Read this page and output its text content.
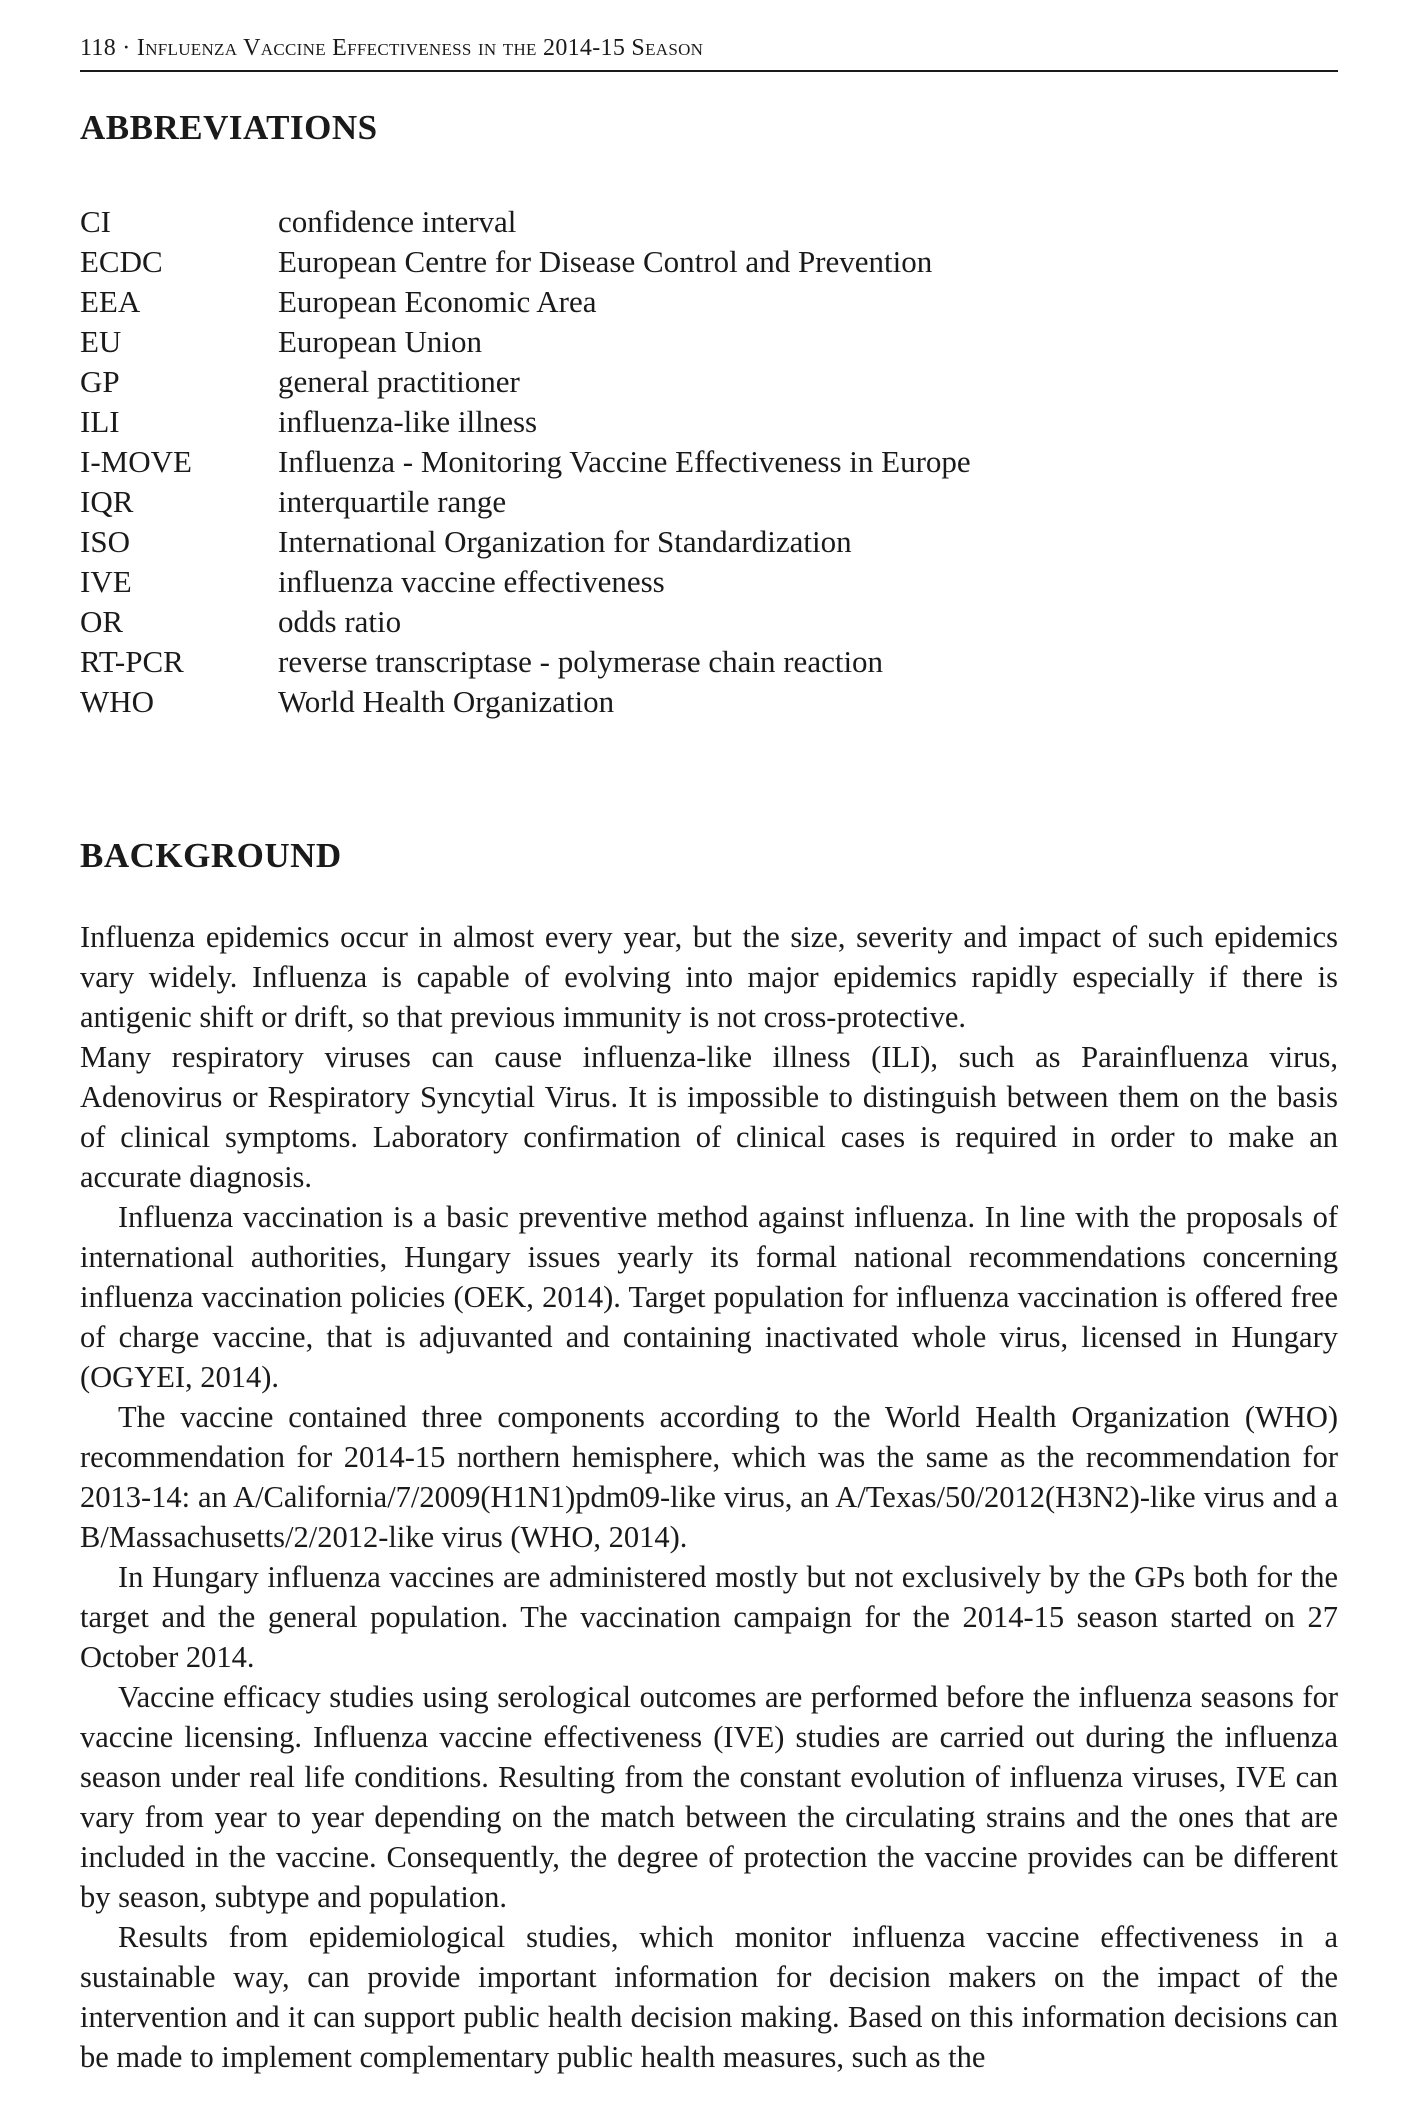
118 · Influenza Vaccine Effectiveness in the 2014-15 Season
ABBREVIATIONS
CI	confidence interval
ECDC	European Centre for Disease Control and Prevention
EEA	European Economic Area
EU	European Union
GP	general practitioner
ILI	influenza-like illness
I-MOVE	Influenza - Monitoring Vaccine Effectiveness in Europe
IQR	interquartile range
ISO	International Organization for Standardization
IVE	influenza vaccine effectiveness
OR	odds ratio
RT-PCR	reverse transcriptase - polymerase chain reaction
WHO	World Health Organization
BACKGROUND

Influenza epidemics occur in almost every year, but the size, severity and impact of such epidemics vary widely. Influenza is capable of evolving into major epidemics rapidly especially if there is antigenic shift or drift, so that previous immunity is not cross-protective.

Many respiratory viruses can cause influenza-like illness (ILI), such as Parainfluenza virus, Adenovirus or Respiratory Syncytial Virus. It is impossible to distinguish between them on the basis of clinical symptoms. Laboratory confirmation of clinical cases is required in order to make an accurate diagnosis.

Influenza vaccination is a basic preventive method against influenza. In line with the proposals of international authorities, Hungary issues yearly its formal national recommendations concerning influenza vaccination policies (OEK, 2014). Target population for influenza vaccination is offered free of charge vaccine, that is adjuvanted and containing inactivated whole virus, licensed in Hungary (OGYEI, 2014).

The vaccine contained three components according to the World Health Organization (WHO) recommendation for 2014-15 northern hemisphere, which was the same as the recommendation for 2013-14: an A/California/7/2009(H1N1)pdm09-like virus, an A/Texas/50/2012(H3N2)-like virus and a B/Massachusetts/2/2012-like virus (WHO, 2014).

In Hungary influenza vaccines are administered mostly but not exclusively by the GPs both for the target and the general population. The vaccination campaign for the 2014-15 season started on 27 October 2014.

Vaccine efficacy studies using serological outcomes are performed before the influenza seasons for vaccine licensing. Influenza vaccine effectiveness (IVE) studies are carried out during the influenza season under real life conditions. Resulting from the constant evolution of influenza viruses, IVE can vary from year to year depending on the match between the circulating strains and the ones that are included in the vaccine. Consequently, the degree of protection the vaccine provides can be different by season, subtype and population.

Results from epidemiological studies, which monitor influenza vaccine effectiveness in a sustainable way, can provide important information for decision makers on the impact of the intervention and it can support public health decision making. Based on this information decisions can be made to implement complementary public health measures, such as the
